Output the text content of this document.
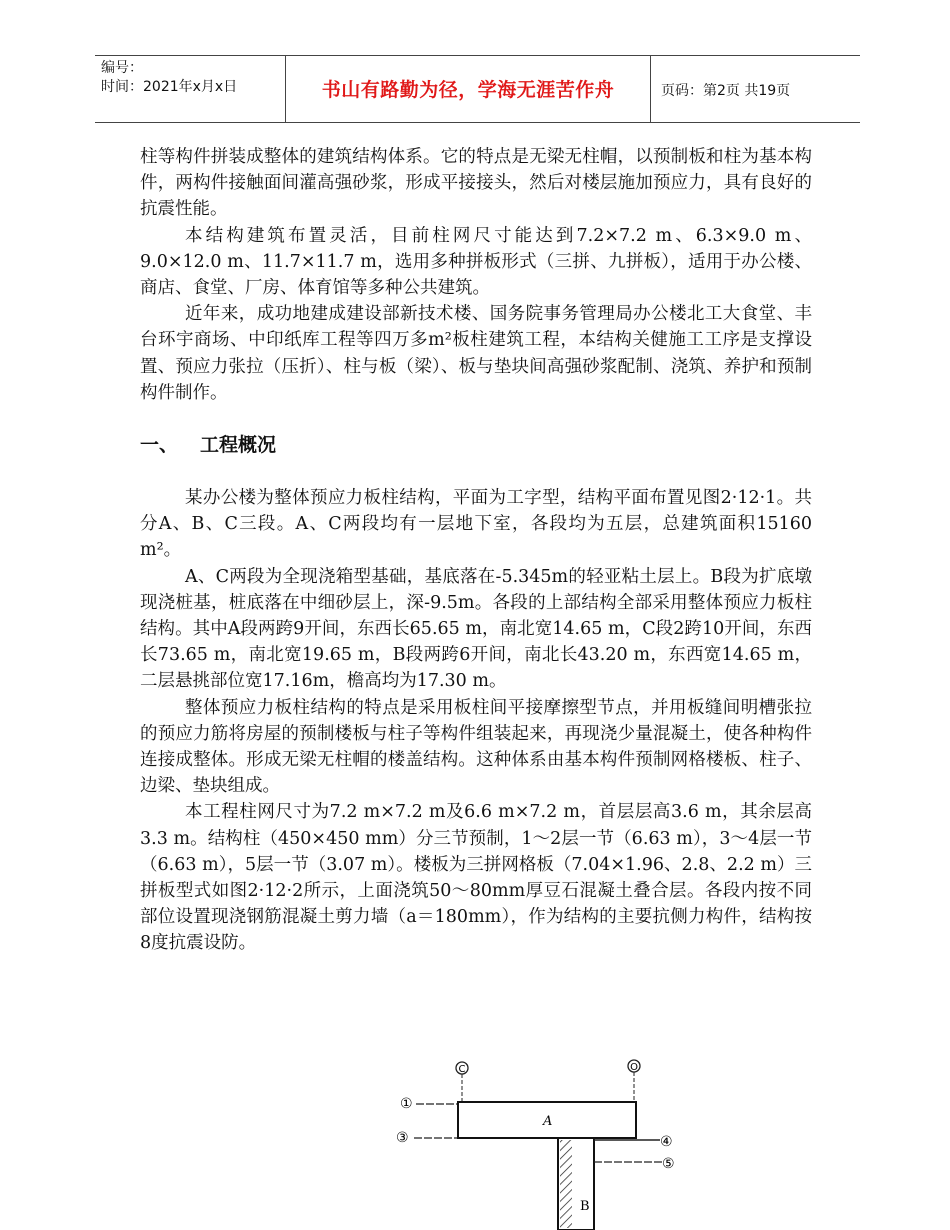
编号：
时间：2021年x月x日	书山有路勤为径，学海无涯苦作舟	页码：第2页 共19页

柱等构件拼装成整体的建筑结构体系。它的特点是无梁无柱帽，以预制板和柱为基本构件，两构件接触面间灌高强砂浆，形成平接接头，然后对楼层施加预应力，具有良好的抗震性能。

本结构建筑布置灵活，目前柱网尺寸能达到7.2×7.2 m、6.3×9.0 m、9.0×12.0 m、11.7×11.7 m，选用多种拼板形式（三拼、九拼板），适用于办公楼、商店、食堂、厂房、体育馆等多种公共建筑。

近年来，成功地建成建设部新技术楼、国务院事务管理局办公楼北工大食堂、丰台环宇商场、中印纸库工程等四万多m²板柱建筑工程，本结构关健施工工序是支撑设置、预应力张拉（压折）、柱与板（梁）、板与垫块间高强砂浆配制、浇筑、养护和预制构件制作。

一、 工程概况

某办公楼为整体预应力板柱结构，平面为工字型，结构平面布置见图2·12·1。共分A、B、C三段。A、C两段均有一层地下室，各段均为五层，总建筑面积15160 m²。

A、C两段为全现浇箱型基础，基底落在-5.345m的轻亚粘土层上。B段为扩底墩现浇桩基，桩底落在中细砂层上，深-9.5m。各段的上部结构全部采用整体预应力板柱结构。其中A段两跨9开间，东西长65.65 m，南北宽14.65 m，C段2跨10开间，东西长73.65 m，南北宽19.65 m，B段两跨6开间，南北长43.20 m，东西宽14.65 m，二层悬挑部位宽17.16m，檐高均为17.30 m。

整体预应力板柱结构的特点是采用板柱间平接摩擦型节点，并用板缝间明槽张拉的预应力筋将房屋的预制楼板与柱子等构件组装起来，再现浇少量混凝土，使各种构件连接成整体。形成无梁无柱帽的楼盖结构。这种体系由基本构件预制网格楼板、柱子、边梁、垫块组成。

本工程柱网尺寸为7.2 m×7.2 m及6.6 m×7.2 m，首层层高3.6 m，其余层高3.3 m。结构柱（450×450 mm）分三节预制，1～2层一节（6.63 m），3～4层一节（6.63 m），5层一节（3.07 m）。楼板为三拼网格板（7.04×1.96、2.8、2.2 m）三拼板型式如图2·12·2所示，上面浇筑50～80mm厚豆石混凝土叠合层。各段内按不同部位设置现浇钢筋混凝土剪力墙（a＝180mm），作为结构的主要抗侧力构件，结构按8度抗震设防。

C	O
①
③
A
B
④
⑤
